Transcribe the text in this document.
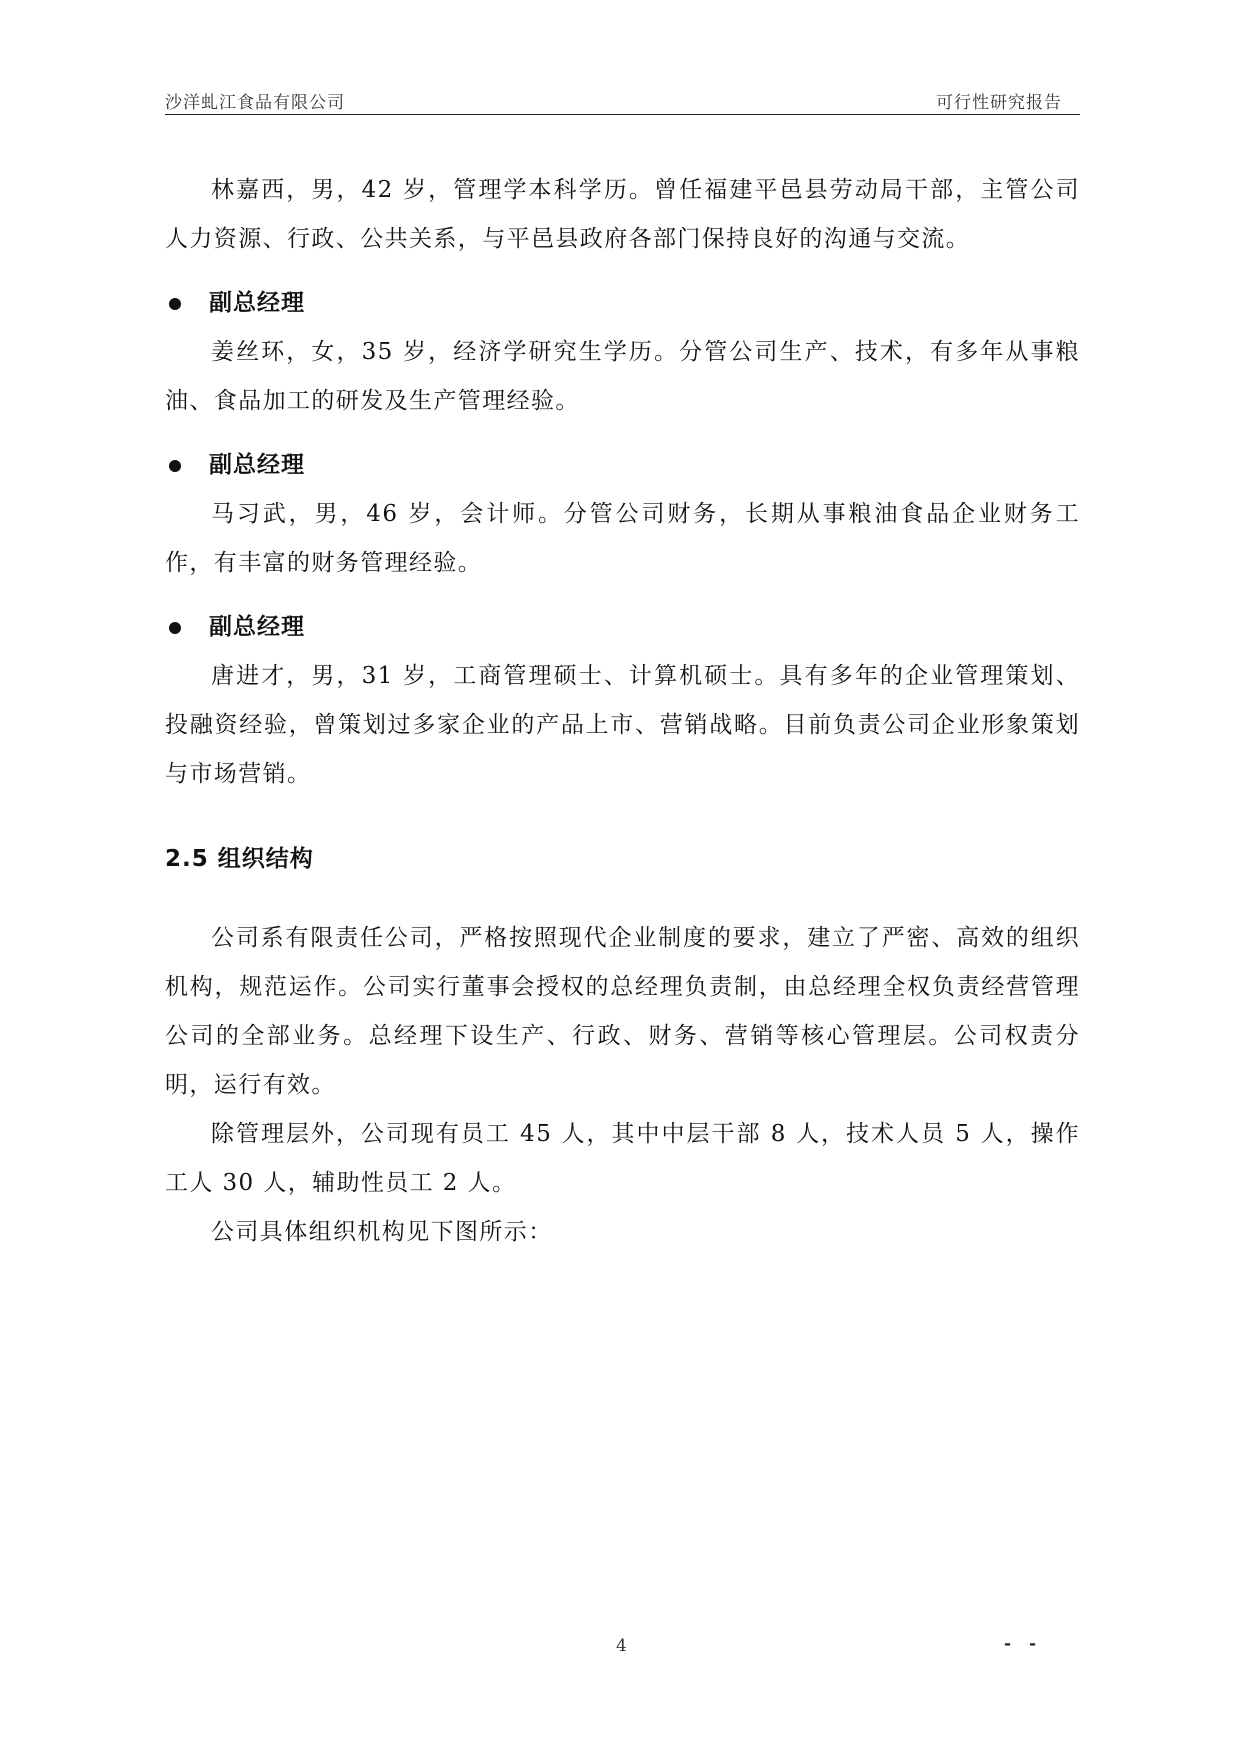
沙洋虬江食品有限公司	可行性研究报告

林嘉西，男，42 岁，管理学本科学历。曾任福建平邑县劳动局干部，主管公司人力资源、行政、公共关系，与平邑县政府各部门保持良好的沟通与交流。

副总经理

姜丝环，女，35 岁，经济学研究生学历。分管公司生产、技术，有多年从事粮油、食品加工的研发及生产管理经验。

副总经理

马习武，男，46 岁，会计师。分管公司财务，长期从事粮油食品企业财务工作，有丰富的财务管理经验。

副总经理

唐进才，男，31 岁，工商管理硕士、计算机硕士。具有多年的企业管理策划、投融资经验，曾策划过多家企业的产品上市、营销战略。目前负责公司企业形象策划与市场营销。

2.5 组织结构

公司系有限责任公司，严格按照现代企业制度的要求，建立了严密、高效的组织机构，规范运作。公司实行董事会授权的总经理负责制，由总经理全权负责经营管理公司的全部业务。总经理下设生产、行政、财务、营销等核心管理层。公司权责分明，运行有效。

除管理层外，公司现有员工 45 人，其中中层干部 8 人，技术人员 5 人，操作工人 30 人，辅助性员工 2 人。

公司具体组织机构见下图所示：

4	- -
